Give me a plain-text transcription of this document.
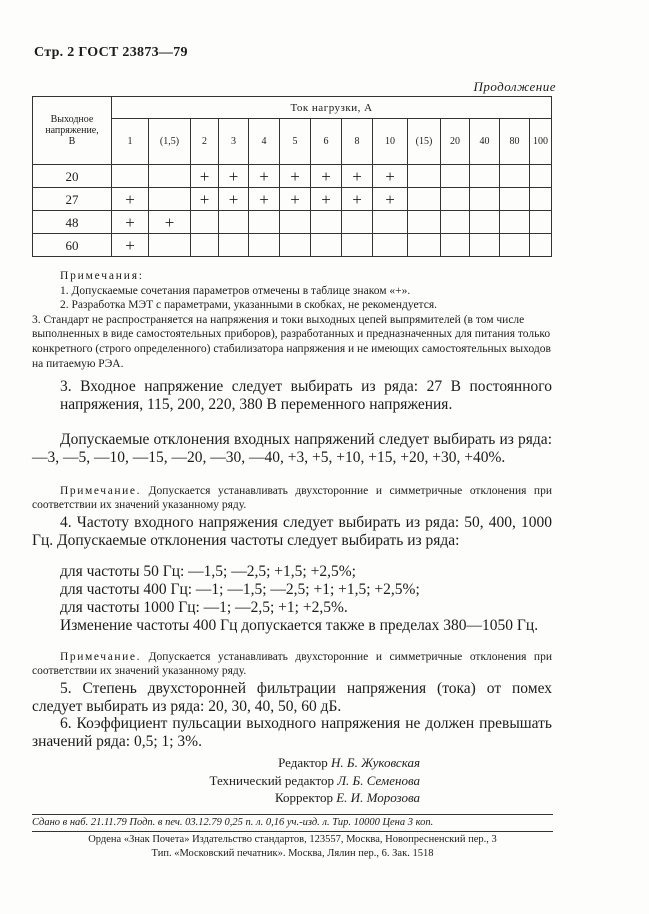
Стр. 2 ГОСТ 23873—79
Продолжение
Выходное
напряжение,
В	Ток нагрузки, А													
	1	(1,5)	2	3	4	5	6	8	10	(15)	20	40	80	100
20			+	+	+	+	+	+	+					
27	+		+	+	+	+	+	+	+					
48	+	+												
60	+													

Примечания:

1. Допускаемые сочетания параметров отмечены в таблице знаком «+».

2. Разработка МЭТ с параметрами, указанными в скобках, не рекомендуется.

3. Стандарт не распространяется на напряжения и токи выходных цепей выпрямителей (в том числе выполненных в виде самостоятельных приборов), разработанных и предназначенных для питания только конкретного (строго определенного) стабилизатора напряжения и не имеющих самостоятельных выходов на питаемую РЭА.

3. Входное напряжение следует выбирать из ряда: 27 В постоянного напряжения, 115, 200, 220, 380 В переменного напряжения.

Допускаемые отклонения входных напряжений следует выбирать из ряда: —3, —5, —10, —15, —20, —30, —40, +3, +5, +10, +15, +20, +30, +40%.

Примечание. Допускается устанавливать двухсторонние и симметричные отклонения при соответствии их значений указанному ряду.

4. Частоту входного напряжения следует выбирать из ряда: 50, 400, 1000 Гц. Допускаемые отклонения частоты следует выбирать из ряда:

для частоты 50 Гц: —1,5; —2,5; +1,5; +2,5%;

для частоты 400 Гц: —1; —1,5; —2,5; +1; +1,5; +2,5%;

для частоты 1000 Гц: —1; —2,5; +1; +2,5%.

Изменение частоты 400 Гц допускается также в пределах 380—1050 Гц.

Примечание. Допускается устанавливать двухсторонние и симметричные отклонения при соответствии их значений указанному ряду.

5. Степень двухсторонней фильтрации напряжения (тока) от помех следует выбирать из ряда: 20, 30, 40, 50, 60 дБ.

6. Коэффициент пульсации выходного напряжения не должен превышать значений ряда: 0,5; 1; 3%.

Редактор Н. Б. Жуковская

Технический редактор Л. Б. Семенова

Корректор Е. И. Морозова

Сдано в наб. 21.11.79 Подп. в печ. 03.12.79 0,25 п. л. 0,16 уч.-изд. л. Тир. 10000 Цена 3 коп.
Ордена «Знак Почета» Издательство стандартов, 123557, Москва, Новопресненский пер., 3
Тип. «Московский печатник». Москва, Лялин пер., 6. Зак. 1518
